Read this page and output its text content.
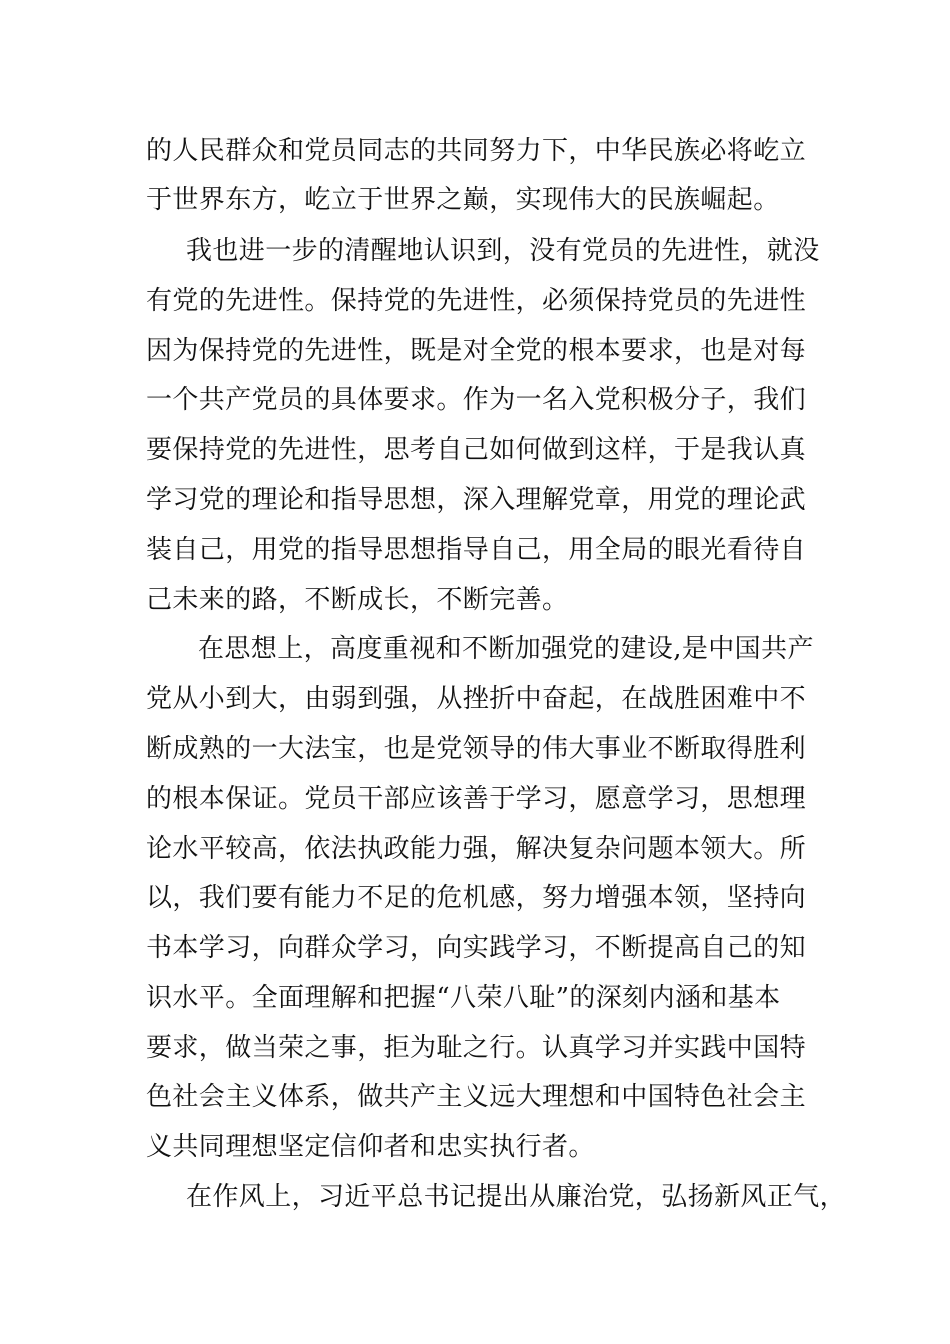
的人民群众和党员同志的共同努力下，中华民族必将屹立
于世界东方，屹立于世界之巅，实现伟大的民族崛起。
我也进一步的清醒地认识到，没有党员的先进性，就没
有党的先进性。保持党的先进性，必须保持党员的先进性
因为保持党的先进性，既是对全党的根本要求，也是对每
一个共产党员的具体要求。作为一名入党积极分子，我们
要保持党的先进性，思考自己如何做到这样，于是我认真
学习党的理论和指导思想，深入理解党章，用党的理论武
装自己，用党的指导思想指导自己，用全局的眼光看待自
己未来的路，不断成长，不断完善。
在思想上，高度重视和不断加强党的建设,是中国共产
党从小到大，由弱到强，从挫折中奋起，在战胜困难中不
断成熟的一大法宝，也是党领导的伟大事业不断取得胜利
的根本保证。党员干部应该善于学习，愿意学习，思想理
论水平较高，依法执政能力强，解决复杂问题本领大。所
以，我们要有能力不足的危机感，努力增强本领，坚持向
书本学习，向群众学习，向实践学习，不断提高自己的知
识水平。全面理解和把握“八荣八耻”的深刻内涵和基本
要求，做当荣之事，拒为耻之行。认真学习并实践中国特
色社会主义体系，做共产主义远大理想和中国特色社会主
义共同理想坚定信仰者和忠实执行者。
在作风上，习近平总书记提出从廉治党，弘扬新风正气，
